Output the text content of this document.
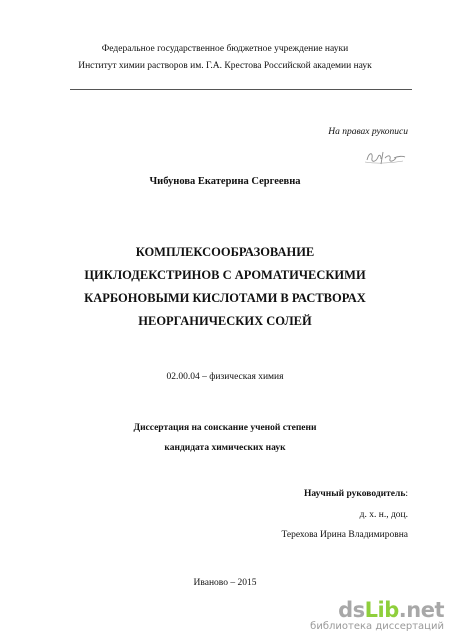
Федеральное государственное бюджетное учреждение науки
Институт химии растворов им. Г.А. Крестова Российской академии наук
На правах рукописи
Чибунова Екатерина Сергеевна
КОМПЛЕКСООБРАЗОВАНИЕ
ЦИКЛОДЕКСТРИНОВ С АРОМАТИЧЕСКИМИ
КАРБОНОВЫМИ КИСЛОТАМИ В РАСТВОРАХ
НЕОРГАНИЧЕСКИХ СОЛЕЙ
02.00.04 – физическая химия
Диссертация на соискание ученой степени
кандидата химических наук
Научный руководитель:
д. х. н., доц.
Терехова Ирина Владимировна
Иваново – 2015
dsLib.net
библиотека диссертаций
